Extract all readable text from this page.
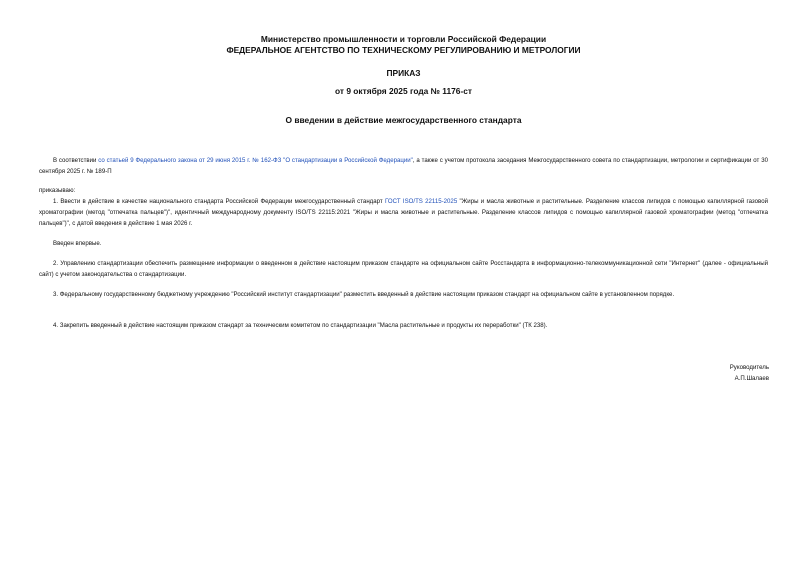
Министерство промышленности и торговли Российской Федерации
ФЕДЕРАЛЬНОЕ АГЕНТСТВО ПО ТЕХНИЧЕСКОМУ РЕГУЛИРОВАНИЮ И МЕТРОЛОГИИ
ПРИКАЗ
от 9 октября 2025 года № 1176-ст
О введении в действие межгосударственного стандарта
В соответствии со статьей 9 Федерального закона от 29 июня 2015 г. № 162-ФЗ "О стандартизации в Российской Федерации", а также с учетом протокола заседания Межгосударственного совета по стандартизации, метрологии и сертификации от 30 сентября 2025 г. № 189-П
приказываю:
1. Ввести в действие в качестве национального стандарта Российской Федерации межгосударственный стандарт ГОСТ ISO/TS 22115-2025 "Жиры и масла животные и растительные. Разделение классов липидов с помощью капиллярной газовой хроматографии (метод "отпечатка пальцев")", идентичный международному документу ISO/TS 22115:2021 "Жиры и масла животные и растительные. Разделение классов липидов с помощью капиллярной газовой хроматографии (метод "отпечатка пальцев")", с датой введения в действие 1 мая 2026 г.
Введен впервые.
2. Управлению стандартизации обеспечить размещение информации о введенном в действие настоящим приказом стандарте на официальном сайте Росстандарта в информационно-телекоммуникационной сети "Интернет" (далее - официальный сайт) с учетом законодательства о стандартизации.
3. Федеральному государственному бюджетному учреждению "Российский институт стандартизации" разместить введенный в действие настоящим приказом стандарт на официальном сайте в установленном порядке.
4. Закрепить введенный в действие настоящим приказом стандарт за техническим комитетом по стандартизации "Масла растительные и продукты их переработки" (ТК 238).
Руководитель
А.П.Шалаев
